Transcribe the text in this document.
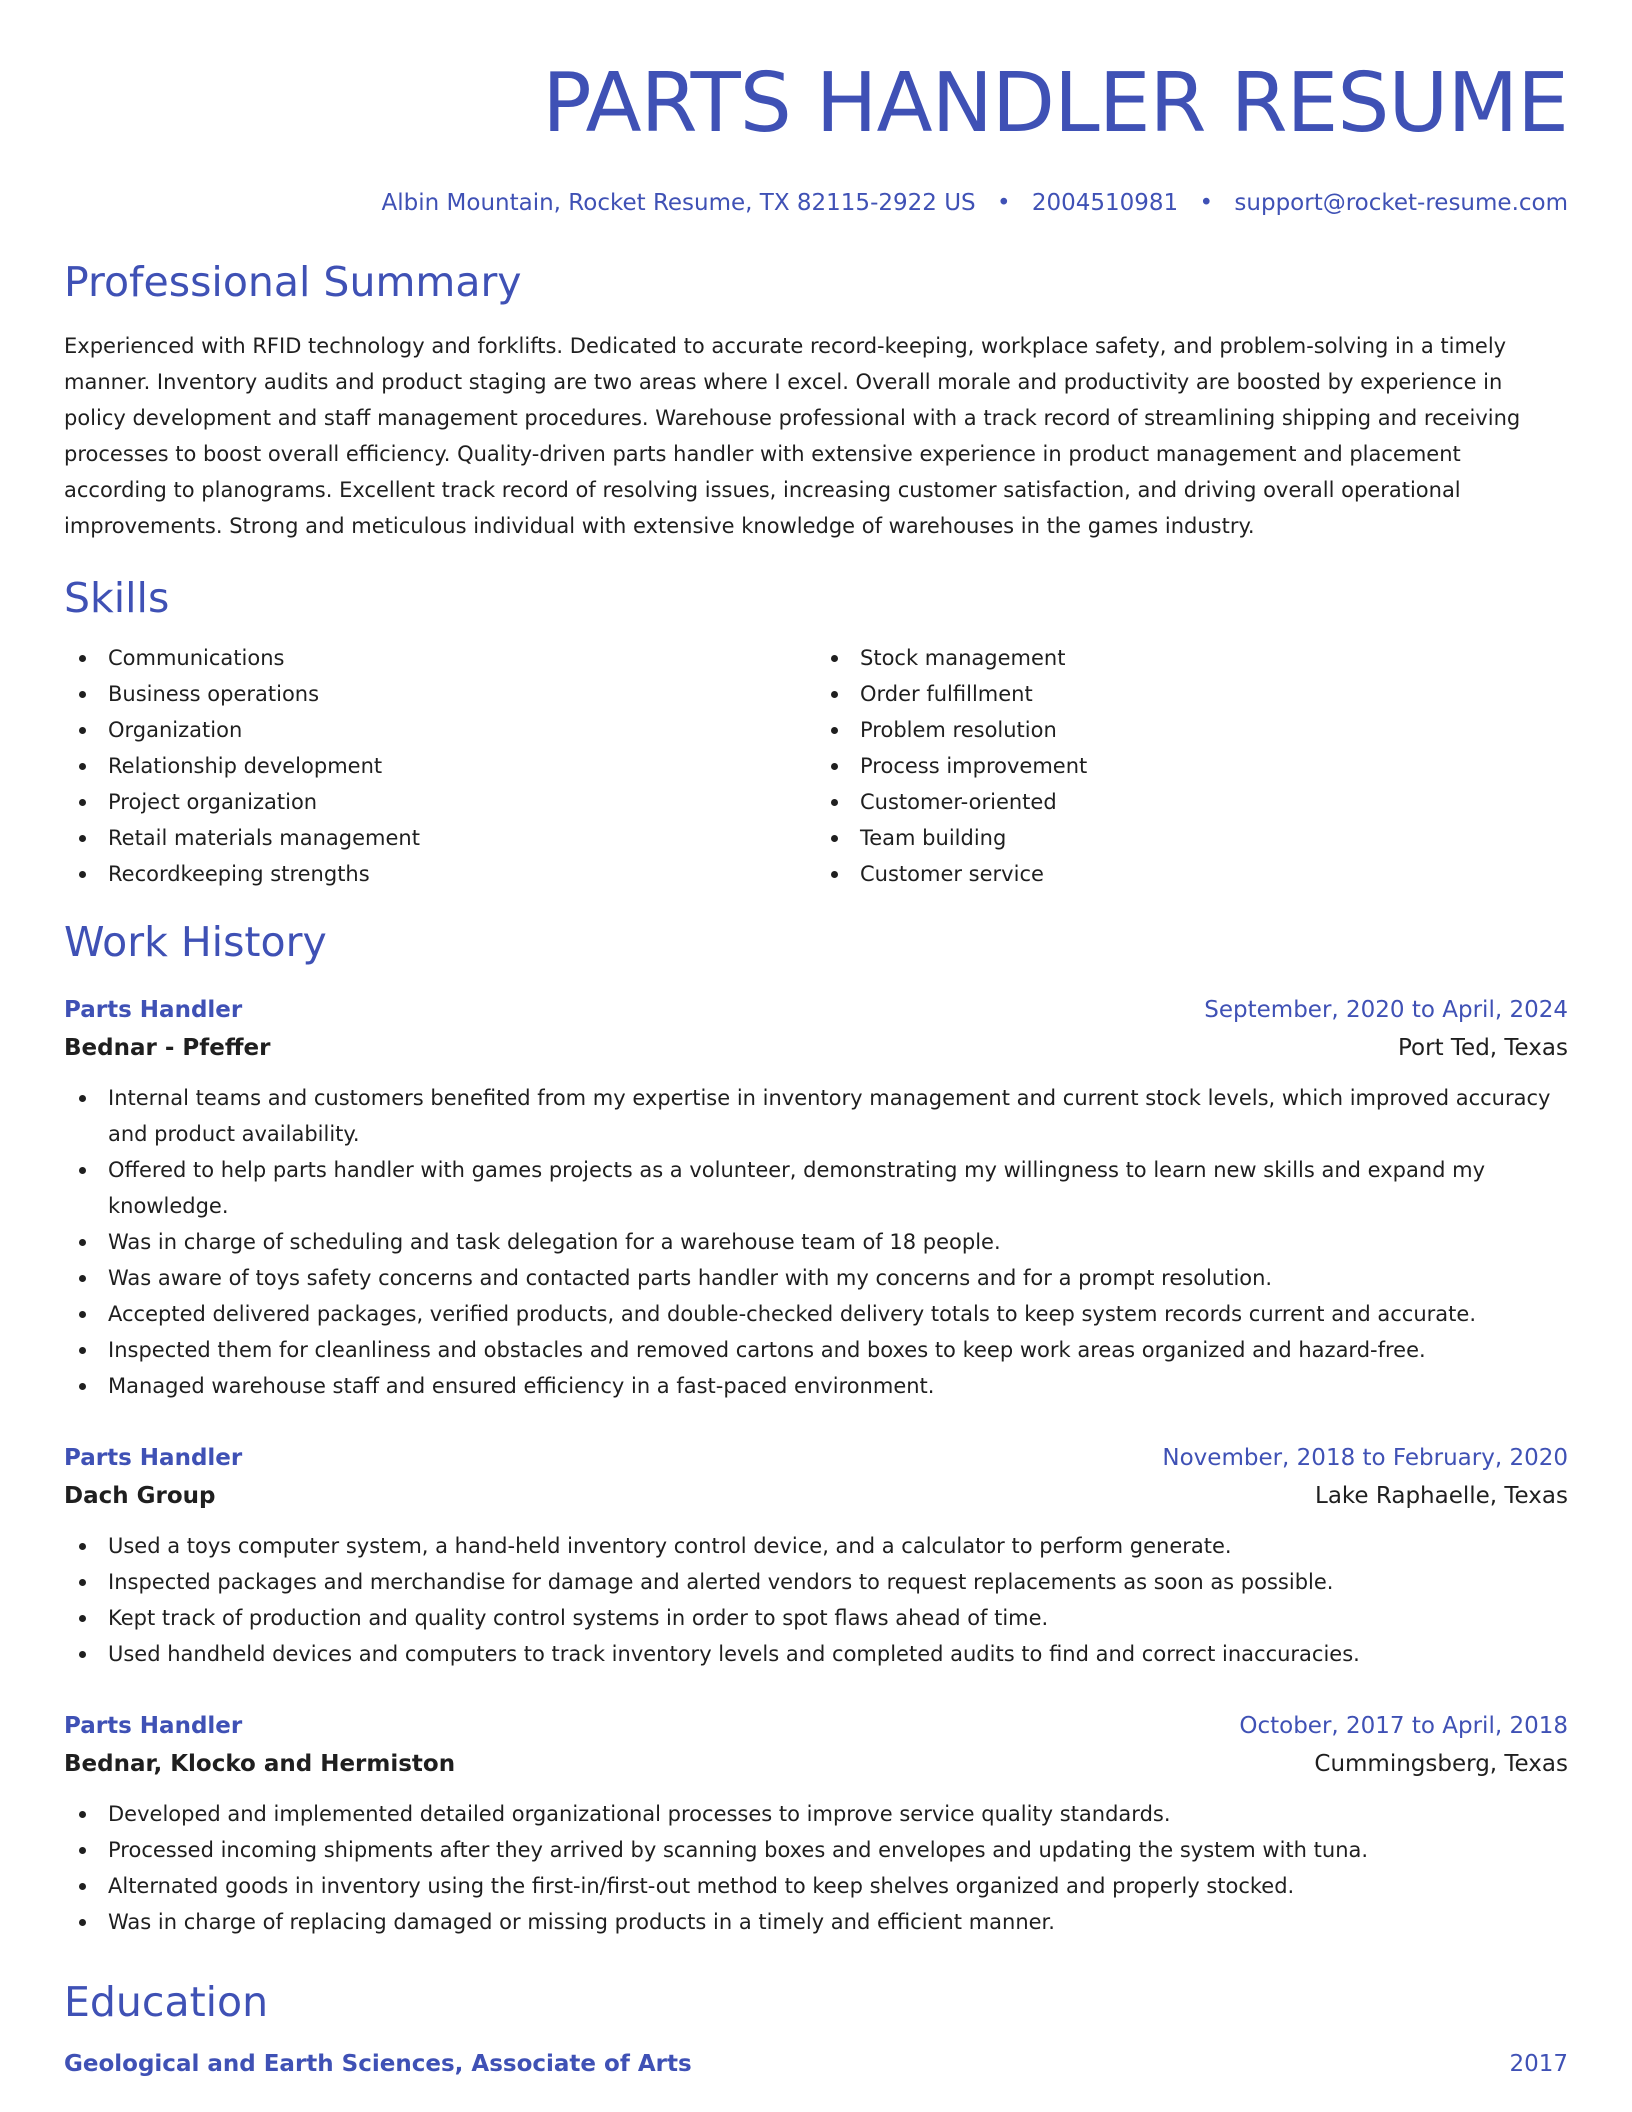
PARTS HANDLER RESUME
Albin Mountain, Rocket Resume, TX 82115-2922 US • 2004510981 • support@rocket-resume.com
Professional Summary

Experienced with RFID technology and forklifts. Dedicated to accurate record-keeping, workplace safety, and problem-solving in a timely manner. Inventory audits and product staging are two areas where I excel. Overall morale and productivity are boosted by experience in policy development and staff management procedures. Warehouse professional with a track record of streamlining shipping and receiving processes to boost overall efficiency. Quality-driven parts handler with extensive experience in product management and placement according to planograms. Excellent track record of resolving issues, increasing customer satisfaction, and driving overall operational improvements. Strong and meticulous individual with extensive knowledge of warehouses in the games industry.

Skills
Communications
Business operations
Organization
Relationship development
Project organization
Retail materials management
Recordkeeping strengths
Stock management
Order fulfillment
Problem resolution
Process improvement
Customer-oriented
Team building
Customer service
Work History
Parts Handler	September, 2020 to April, 2024
Bednar - Pfeffer	Port Ted, Texas
Internal teams and customers benefited from my expertise in inventory management and current stock levels, which improved accuracy and product availability.
Offered to help parts handler with games projects as a volunteer, demonstrating my willingness to learn new skills and expand my knowledge.
Was in charge of scheduling and task delegation for a warehouse team of 18 people.
Was aware of toys safety concerns and contacted parts handler with my concerns and for a prompt resolution.
Accepted delivered packages, verified products, and double-checked delivery totals to keep system records current and accurate.
Inspected them for cleanliness and obstacles and removed cartons and boxes to keep work areas organized and hazard-free.
Managed warehouse staff and ensured efficiency in a fast-paced environment.
Parts Handler	November, 2018 to February, 2020
Dach Group	Lake Raphaelle, Texas
Used a toys computer system, a hand-held inventory control device, and a calculator to perform generate.
Inspected packages and merchandise for damage and alerted vendors to request replacements as soon as possible.
Kept track of production and quality control systems in order to spot flaws ahead of time.
Used handheld devices and computers to track inventory levels and completed audits to find and correct inaccuracies.
Parts Handler	October, 2017 to April, 2018
Bednar, Klocko and Hermiston	Cummingsberg, Texas
Developed and implemented detailed organizational processes to improve service quality standards.
Processed incoming shipments after they arrived by scanning boxes and envelopes and updating the system with tuna.
Alternated goods in inventory using the first-in/first-out method to keep shelves organized and properly stocked.
Was in charge of replacing damaged or missing products in a timely and efficient manner.
Education
Geological and Earth Sciences, Associate of Arts	2017
